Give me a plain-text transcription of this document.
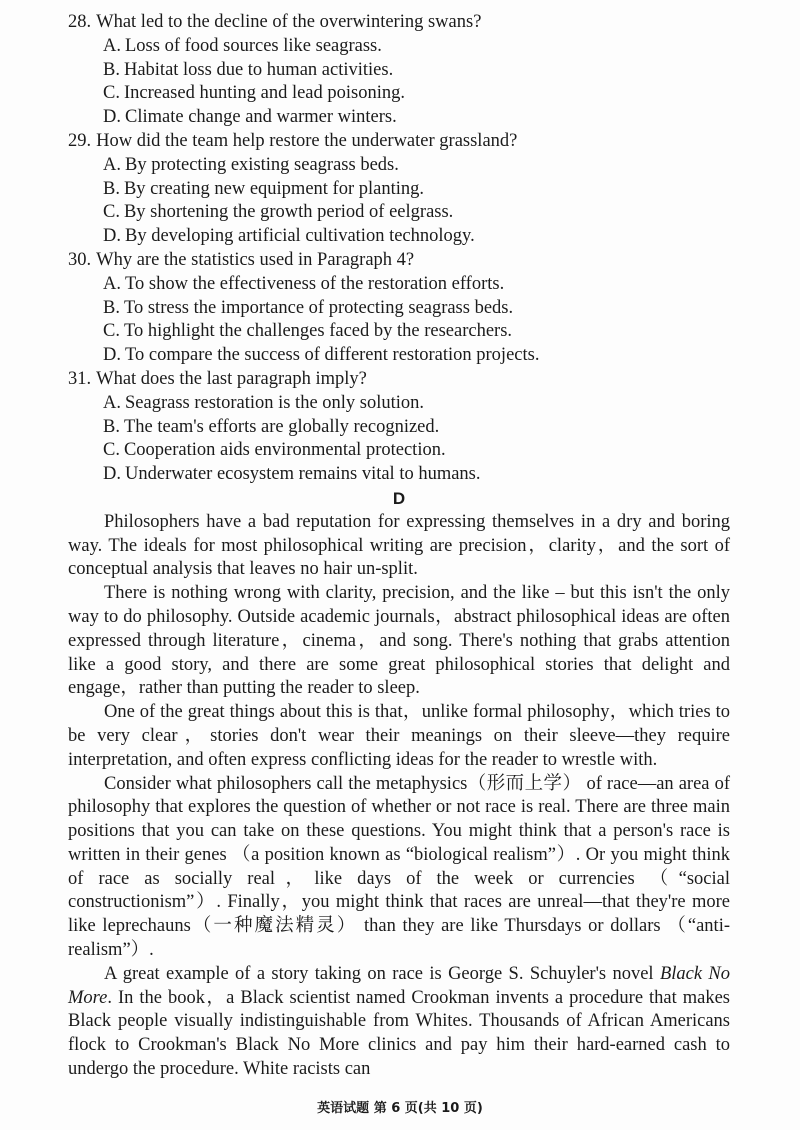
28. What led to the decline of the overwintering swans?
A. Loss of food sources like seagrass.
B. Habitat loss due to human activities.
C. Increased hunting and lead poisoning.
D. Climate change and warmer winters.
29. How did the team help restore the underwater grassland?
A. By protecting existing seagrass beds.
B. By creating new equipment for planting.
C. By shortening the growth period of eelgrass.
D. By developing artificial cultivation technology.
30. Why are the statistics used in Paragraph 4?
A. To show the effectiveness of the restoration efforts.
B. To stress the importance of protecting seagrass beds.
C. To highlight the challenges faced by the researchers.
D. To compare the success of different restoration projects.
31. What does the last paragraph imply?
A. Seagrass restoration is the only solution.
B. The team's efforts are globally recognized.
C. Cooperation aids environmental protection.
D. Underwater ecosystem remains vital to humans.
D

Philosophers have a bad reputation for expressing themselves in a dry and boring way. The ideals for most philosophical writing are precision，clarity，and the sort of conceptual analysis that leaves no hair un-split.

There is nothing wrong with clarity, precision, and the like – but this isn't the only way to do philosophy. Outside academic journals，abstract philosophical ideas are often expressed through literature，cinema，and song. There's nothing that grabs attention like a good story, and there are some great philosophical stories that delight and engage，rather than putting the reader to sleep.

One of the great things about this is that，unlike formal philosophy，which tries to be very clear，stories don't wear their meanings on their sleeve—they require interpretation, and often express conflicting ideas for the reader to wrestle with.

Consider what philosophers call the metaphysics（形而上学） of race—an area of philosophy that explores the question of whether or not race is real. There are three main positions that you can take on these questions. You might think that a person's race is written in their genes （a position known as “biological realism”）. Or you might think of race as socially real，like days of the week or currencies （“social constructionism”）. Finally，you might think that races are unreal—that they're more like leprechauns（一种魔法精灵） than they are like Thursdays or dollars （“anti-realism”）.

A great example of a story taking on race is George S. Schuyler's novel Black No More. In the book，a Black scientist named Crookman invents a procedure that makes Black people visually indistinguishable from Whites. Thousands of African Americans flock to Crookman's Black No More clinics and pay him their hard-earned cash to undergo the procedure. White racists can

英语试题 第 6 页(共 10 页)
